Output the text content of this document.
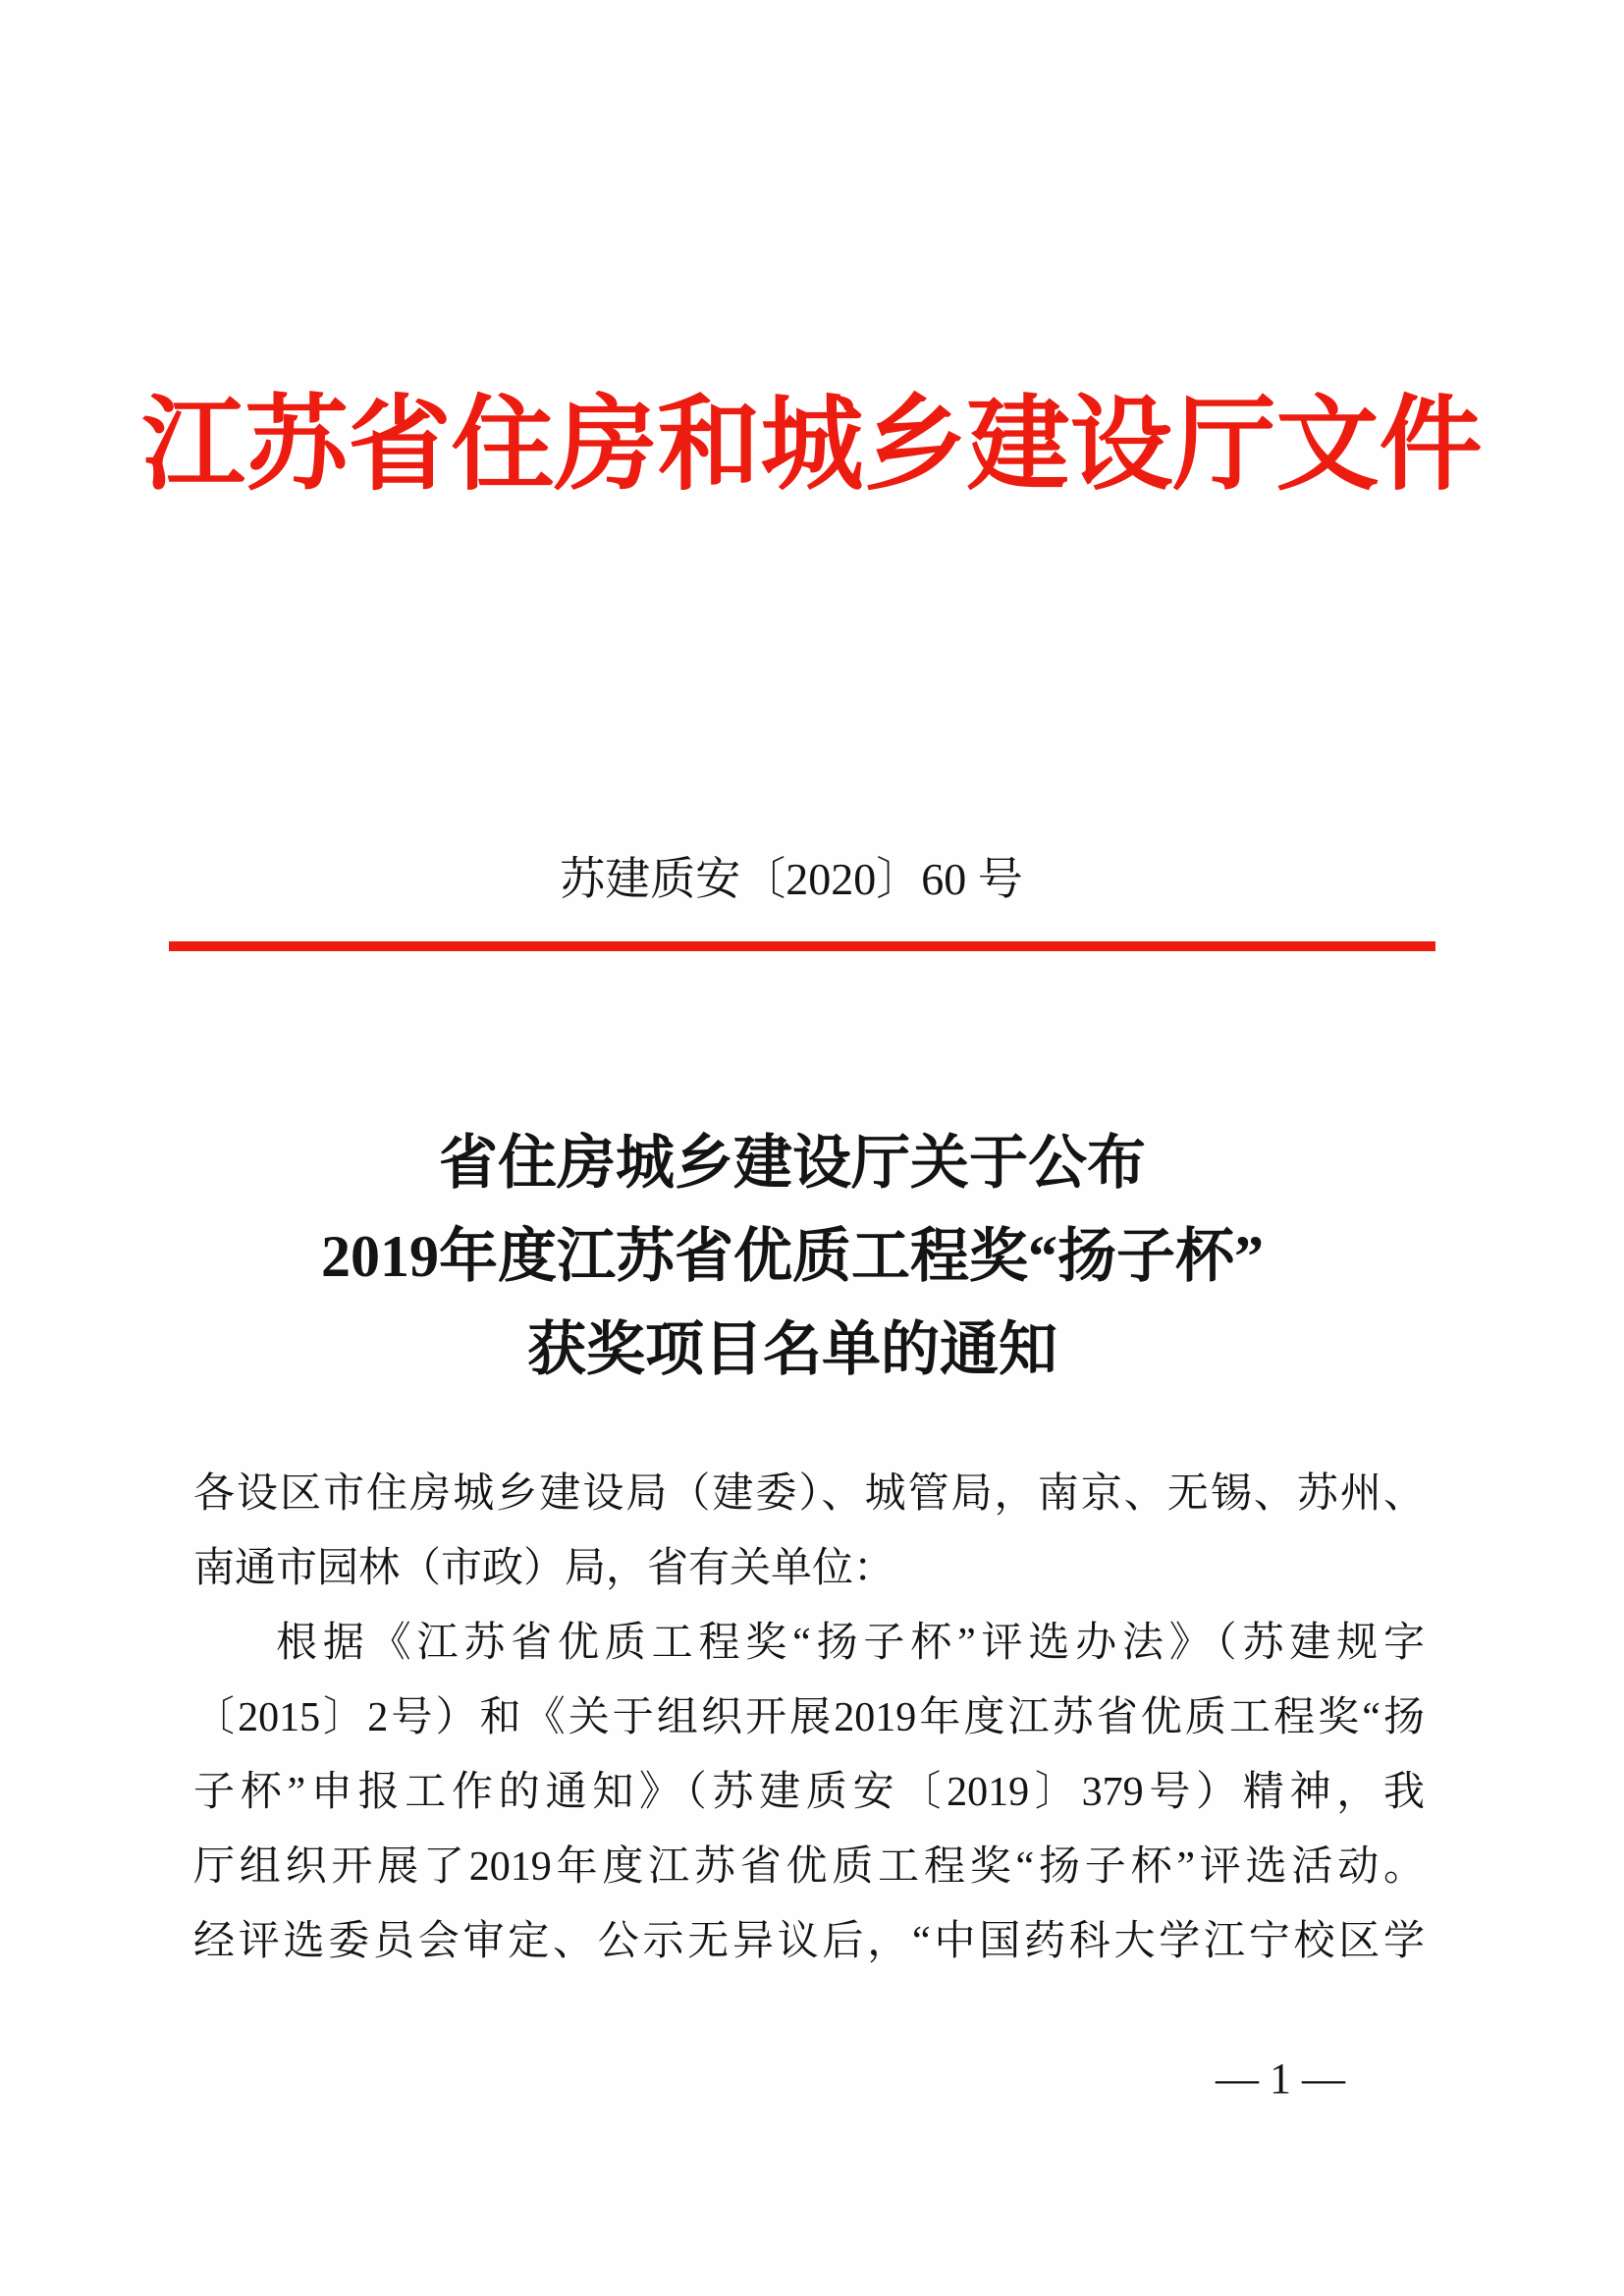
江苏省住房和城乡建设厅文件
苏建质安〔2020〕60 号
省住房城乡建设厅关于公布
2019年度江苏省优质工程奖“扬子杯”
获奖项目名单的通知
各设区市住房城乡建设局（建委）、城管局，南京、无锡、苏州、
南通市园林（市政）局，省有关单位：
根据《江苏省优质工程奖“扬子杯”评选办法》（苏建规字
〔2015〕2号）和《关于组织开展2019年度江苏省优质工程奖“扬
子杯”申报工作的通知》（苏建质安〔2019〕379号）精神，我
厅组织开展了2019年度江苏省优质工程奖“扬子杯”评选活动。
经评选委员会审定、公示无异议后，“中国药科大学江宁校区学
— 1 —
